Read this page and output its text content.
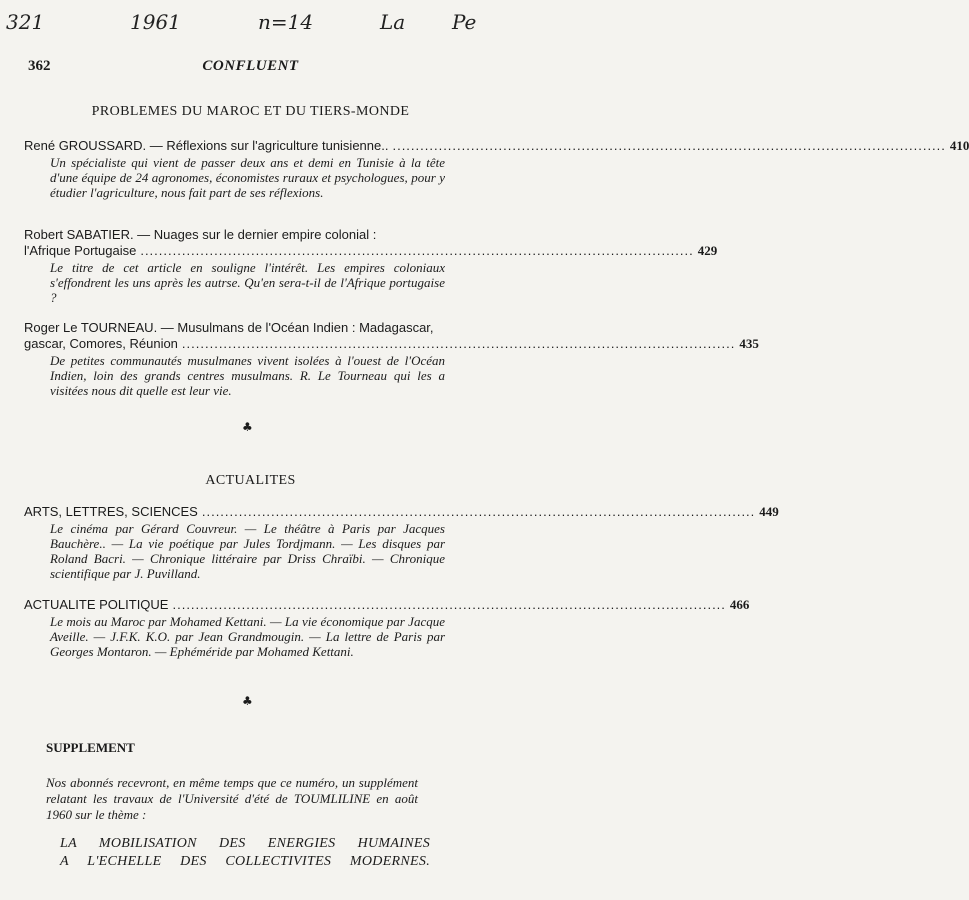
321	1961	n=14	La Pe
CONFLUENT
362
PROBLEMES DU MAROC ET DU TIERS-MONDE
René GROUSSARD. — Réflexions sur l'agriculture tunisienne.. ........................................................................................................................ 410
Un spécialiste qui vient de passer deux ans et demi en Tunisie à la tête d'une équipe de 24 agronomes, économistes ruraux et psychologues, pour y étudier l'agriculture, nous fait part de ses réflexions.
Robert SABATIER. — Nuages sur le dernier empire colonial :
l'Afrique Portugaise ........................................................................................................................ 429
Le titre de cet article en souligne l'intérêt. Les empires coloniaux s'effondrent les uns après les autrse. Qu'en sera-t-il de l'Afrique portugaise ?
Roger Le TOURNEAU. — Musulmans de l'Océan Indien : Madagascar,
gascar, Comores, Réunion ........................................................................................................................ 435
De petites communautés musulmanes vivent isolées à l'ouest de l'Océan Indien, loin des grands centres musulmans. R. Le Tourneau qui les a visitées nous dit quelle est leur vie.
♣
ACTUALITES
ARTS, LETTRES, SCIENCES ........................................................................................................................ 449
Le cinéma par Gérard Couvreur. — Le théâtre à Paris par Jacques Bauchère.. — La vie poétique par Jules Tordjmann. — Les disques par Roland Bacri. — Chronique littéraire par Driss Chraïbi. — Chronique scientifique par J. Puvilland.
ACTUALITE POLITIQUE ........................................................................................................................ 466
Le mois au Maroc par Mohamed Kettani. — La vie économique par Jacque Aveille. — J.F.K. K.O. par Jean Grandmougin. — La lettre de Paris par Georges Montaron. — Ephéméride par Mohamed Kettani.
♣
SUPPLEMENT
Nos abonnés recevront, en même temps que ce numéro, un supplément relatant les travaux de l'Université d'été de TOUMLILINE en août 1960 sur le thème :
LA MOBILISATION DES ENERGIES HUMAINES
A L'ECHELLE DES COLLECTIVITES MODERNES.
